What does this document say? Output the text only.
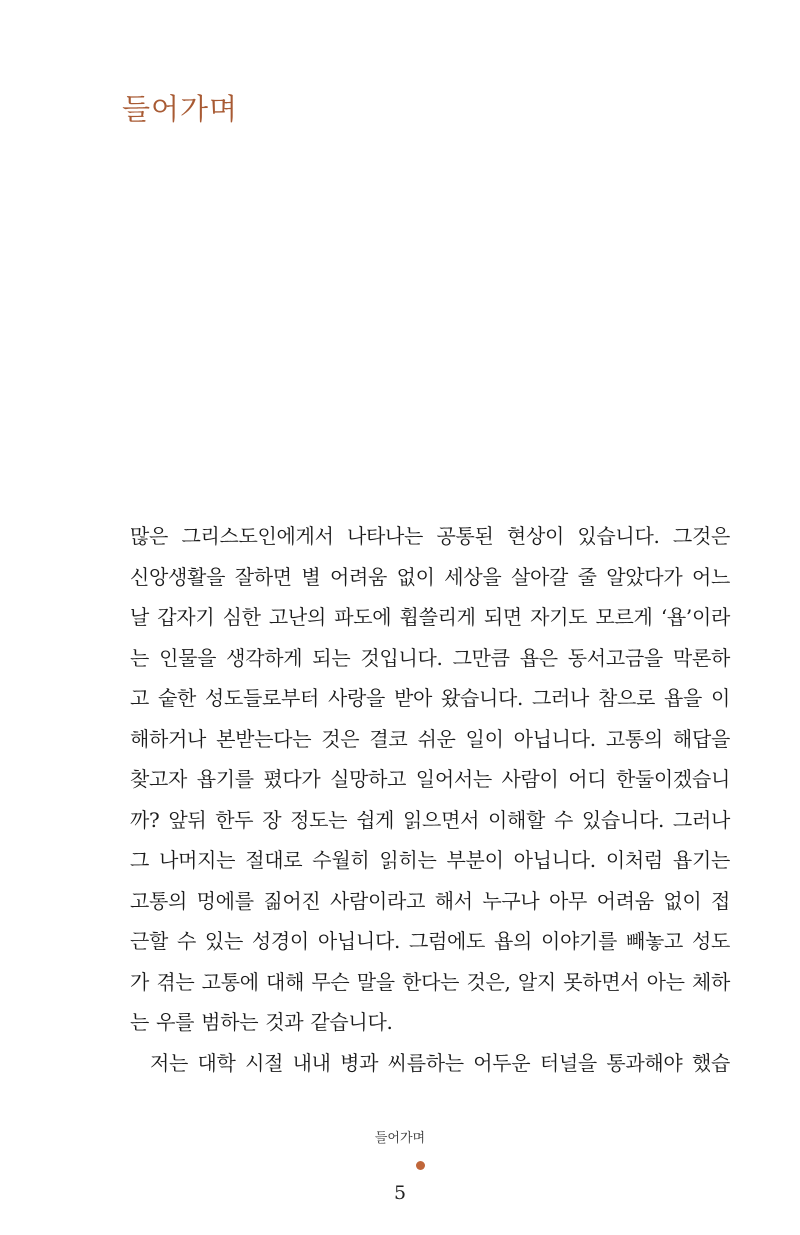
들어가며
많은 그리스도인에게서 나타나는 공통된 현상이 있습니다. 그것은
신앙생활을 잘하면 별 어려움 없이 세상을 살아갈 줄 알았다가 어느
날 갑자기 심한 고난의 파도에 휩쓸리게 되면 자기도 모르게 ‘욥’이라
는 인물을 생각하게 되는 것입니다. 그만큼 욥은 동서고금을 막론하
고 숱한 성도들로부터 사랑을 받아 왔습니다. 그러나 참으로 욥을 이
해하거나 본받는다는 것은 결코 쉬운 일이 아닙니다. 고통의 해답을
찾고자 욥기를 폈다가 실망하고 일어서는 사람이 어디 한둘이겠습니
까? 앞뒤 한두 장 정도는 쉽게 읽으면서 이해할 수 있습니다. 그러나
그 나머지는 절대로 수월히 읽히는 부분이 아닙니다. 이처럼 욥기는
고통의 멍에를 짊어진 사람이라고 해서 누구나 아무 어려움 없이 접
근할 수 있는 성경이 아닙니다. 그럼에도 욥의 이야기를 빼놓고 성도
가 겪는 고통에 대해 무슨 말을 한다는 것은, 알지 못하면서 아는 체하
는 우를 범하는 것과 같습니다.
저는 대학 시절 내내 병과 씨름하는 어두운 터널을 통과해야 했습
들어가며
5
